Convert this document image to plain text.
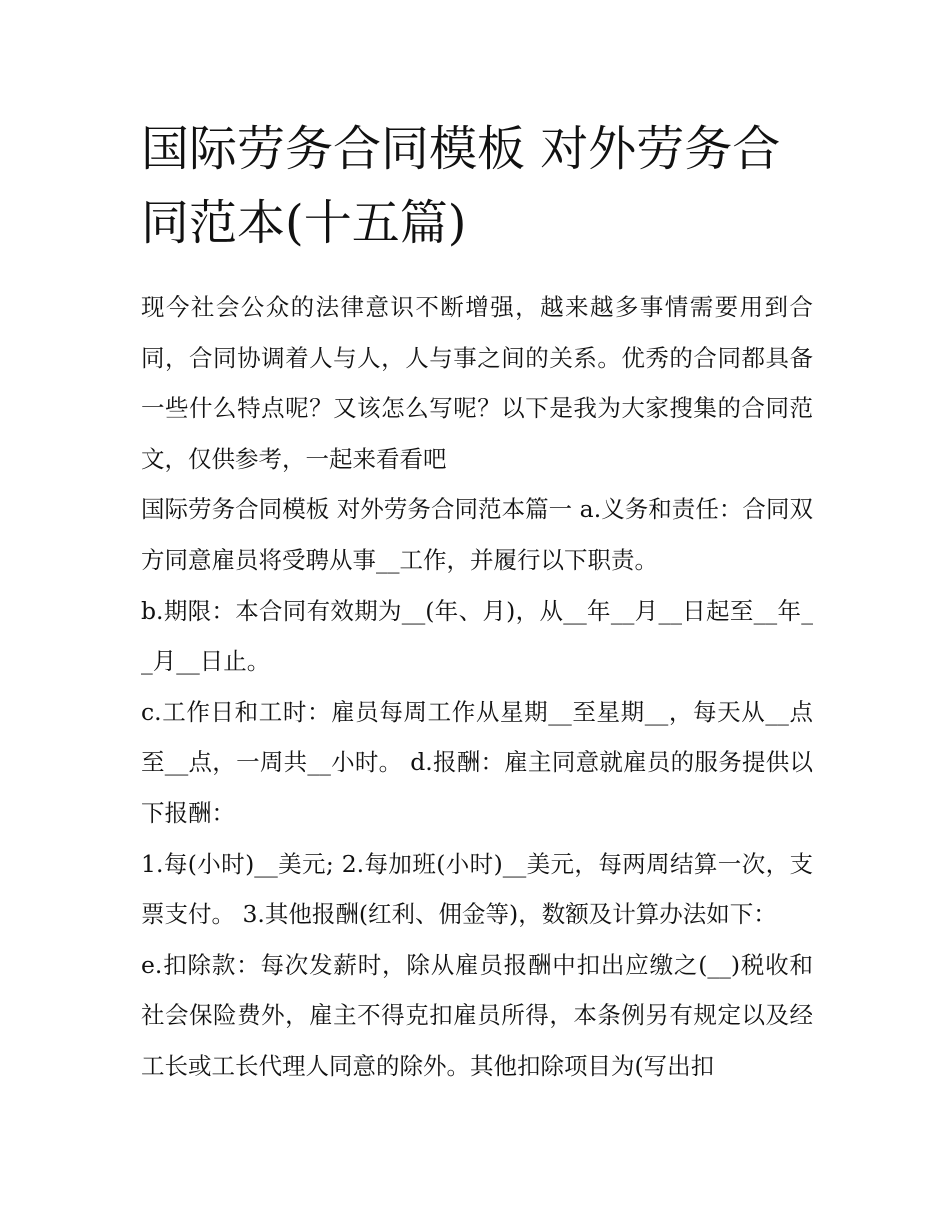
国际劳务合同模板 对外劳务合同范本(十五篇)

现今社会公众的法律意识不断增强，越来越多事情需要用到合同，合同协调着人与人，人与事之间的关系。优秀的合同都具备一些什么特点呢？又该怎么写呢？以下是我为大家搜集的合同范文，仅供参考，一起来看看吧

国际劳务合同模板 对外劳务合同范本篇一 a.义务和责任：合同双方同意雇员将受聘从事__工作，并履行以下职责。

b.期限：本合同有效期为__(年、月)，从__年__月__日起至__年__月__日止。

c.工作日和工时：雇员每周工作从星期__至星期__，每天从__点至__点，一周共__小时。 d.报酬：雇主同意就雇员的服务提供以下报酬：

1.每(小时)__美元; 2.每加班(小时)__美元，每两周结算一次，支票支付。 3.其他报酬(红利、佣金等)，数额及计算办法如下：

e.扣除款：每次发薪时，除从雇员报酬中扣出应缴之(__)税收和社会保险费外，雇主不得克扣雇员所得，本条例另有规定以及经工长或工长代理人同意的除外。其他扣除项目为(写出扣
